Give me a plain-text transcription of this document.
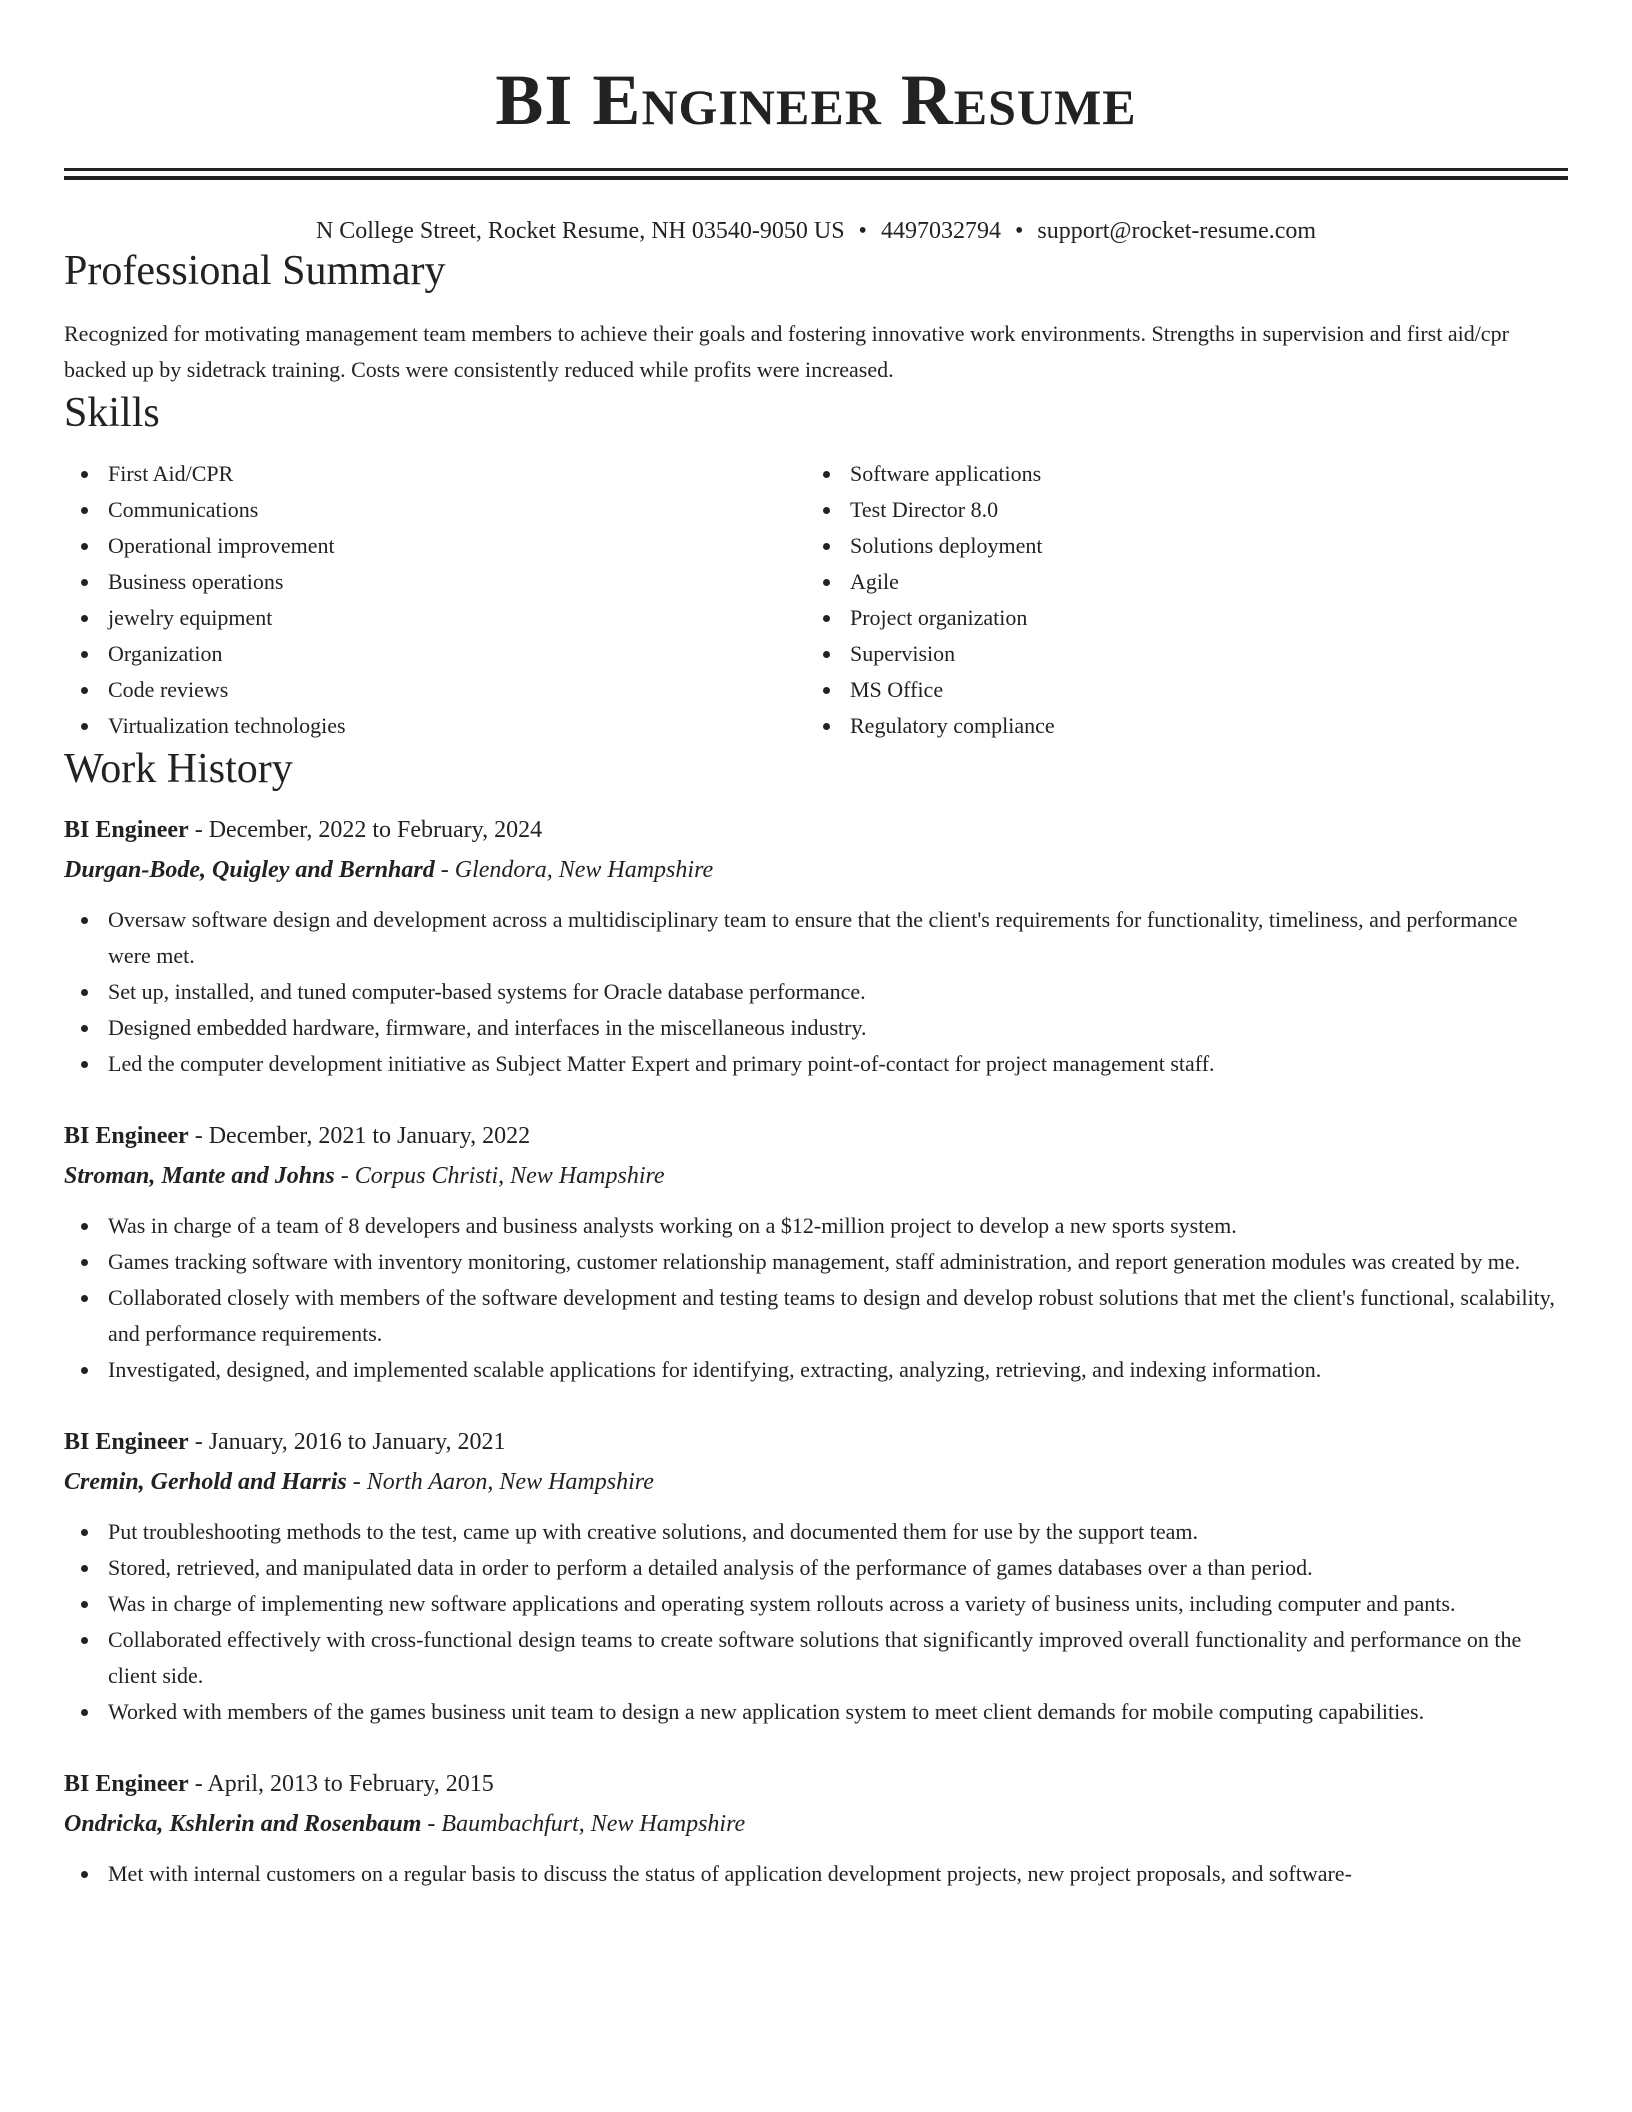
BI Engineer Resume
N College Street, Rocket Resume, NH 03540-9050 US • 4497032794 • support@rocket-resume.com
Professional Summary
Recognized for motivating management team members to achieve their goals and fostering innovative work environments. Strengths in supervision and first aid/cpr backed up by sidetrack training. Costs were consistently reduced while profits were increased.
Skills
First Aid/CPR
Communications
Operational improvement
Business operations
jewelry equipment
Organization
Code reviews
Virtualization technologies
Software applications
Test Director 8.0
Solutions deployment
Agile
Project organization
Supervision
MS Office
Regulatory compliance
Work History
BI Engineer - December, 2022 to February, 2024
Durgan-Bode, Quigley and Bernhard - Glendora, New Hampshire
Oversaw software design and development across a multidisciplinary team to ensure that the client's requirements for functionality, timeliness, and performance were met.
Set up, installed, and tuned computer-based systems for Oracle database performance.
Designed embedded hardware, firmware, and interfaces in the miscellaneous industry.
Led the computer development initiative as Subject Matter Expert and primary point-of-contact for project management staff.
BI Engineer - December, 2021 to January, 2022
Stroman, Mante and Johns - Corpus Christi, New Hampshire
Was in charge of a team of 8 developers and business analysts working on a $12-million project to develop a new sports system.
Games tracking software with inventory monitoring, customer relationship management, staff administration, and report generation modules was created by me.
Collaborated closely with members of the software development and testing teams to design and develop robust solutions that met the client's functional, scalability, and performance requirements.
Investigated, designed, and implemented scalable applications for identifying, extracting, analyzing, retrieving, and indexing information.
BI Engineer - January, 2016 to January, 2021
Cremin, Gerhold and Harris - North Aaron, New Hampshire
Put troubleshooting methods to the test, came up with creative solutions, and documented them for use by the support team.
Stored, retrieved, and manipulated data in order to perform a detailed analysis of the performance of games databases over a than period.
Was in charge of implementing new software applications and operating system rollouts across a variety of business units, including computer and pants.
Collaborated effectively with cross-functional design teams to create software solutions that significantly improved overall functionality and performance on the client side.
Worked with members of the games business unit team to design a new application system to meet client demands for mobile computing capabilities.
BI Engineer - April, 2013 to February, 2015
Ondricka, Kshlerin and Rosenbaum - Baumbachfurt, New Hampshire
Met with internal customers on a regular basis to discuss the status of application development projects, new project proposals, and software-
